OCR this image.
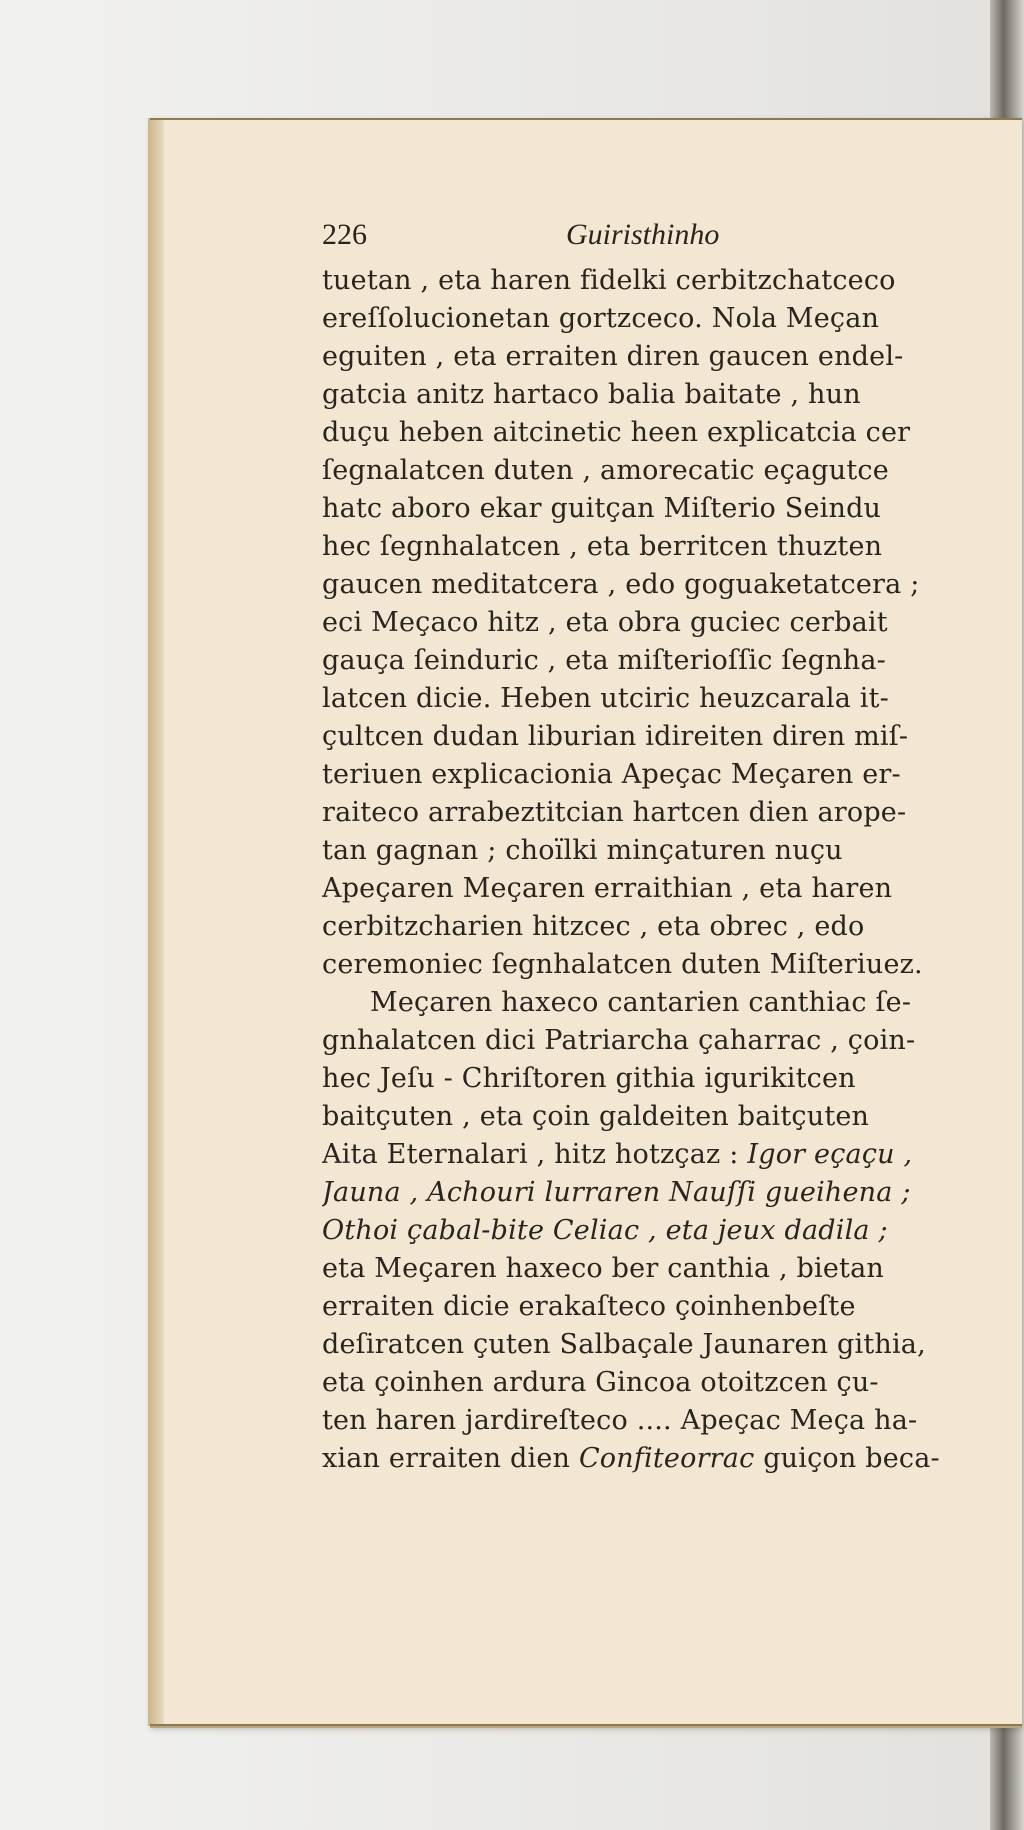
226	Guiristhinho
tuetan , eta haren fidelki cerbitzchatceco
ereſſolucionetan gortzceco. Nola Meçan
eguiten , eta erraiten diren gaucen endel-
gatcia anitz hartaco balia baitate , hun
duçu heben aitcinetic heen explicatcia cer
ſegnalatcen duten , amorecatic eçagutce
hatc aboro ekar guitçan Miſterio Seindu
hec ſegnhalatcen , eta berritcen thuzten
gaucen meditatcera , edo goguaketatcera ;
eci Meçaco hitz , eta obra guciec cerbait
gauça ſeinduric , eta miſterioſſic ſegnha-
latcen dicie. Heben utciric heuzcarala it-
çultcen dudan liburian idireiten diren miſ-
teriuen explicacionia Apeçac Meçaren er-
raiteco arrabeztitcian hartcen dien arope-
tan gagnan ; choïlki minçaturen nuçu
Apeçaren Meçaren erraithian , eta haren
cerbitzcharien hitzcec , eta obrec , edo
ceremoniec ſegnhalatcen duten Miſteriuez.
Meçaren haxeco cantarien canthiac ſe-
gnhalatcen dici Patriarcha çaharrac , çoin-
hec Jeſu - Chriſtoren githia igurikitcen
baitçuten , eta çoin galdeiten baitçuten
Aita Eternalari , hitz hotzçaz : Igor eçaçu ,
Jauna , Achouri lurraren Nauſſi gueihena ;
Othoi çabal-bite Celiac , eta jeux dadila ;
eta Meçaren haxeco ber canthia , bietan
erraiten dicie erakaſteco çoinhenbeſte
deſiratcen çuten Salbaçale Jaunaren githia,
eta çoinhen ardura Gincoa otoitzcen çu-
ten haren jardireſteco .... Apeçac Meça ha-
xian erraiten dien Confiteorrac guiçon beca-
